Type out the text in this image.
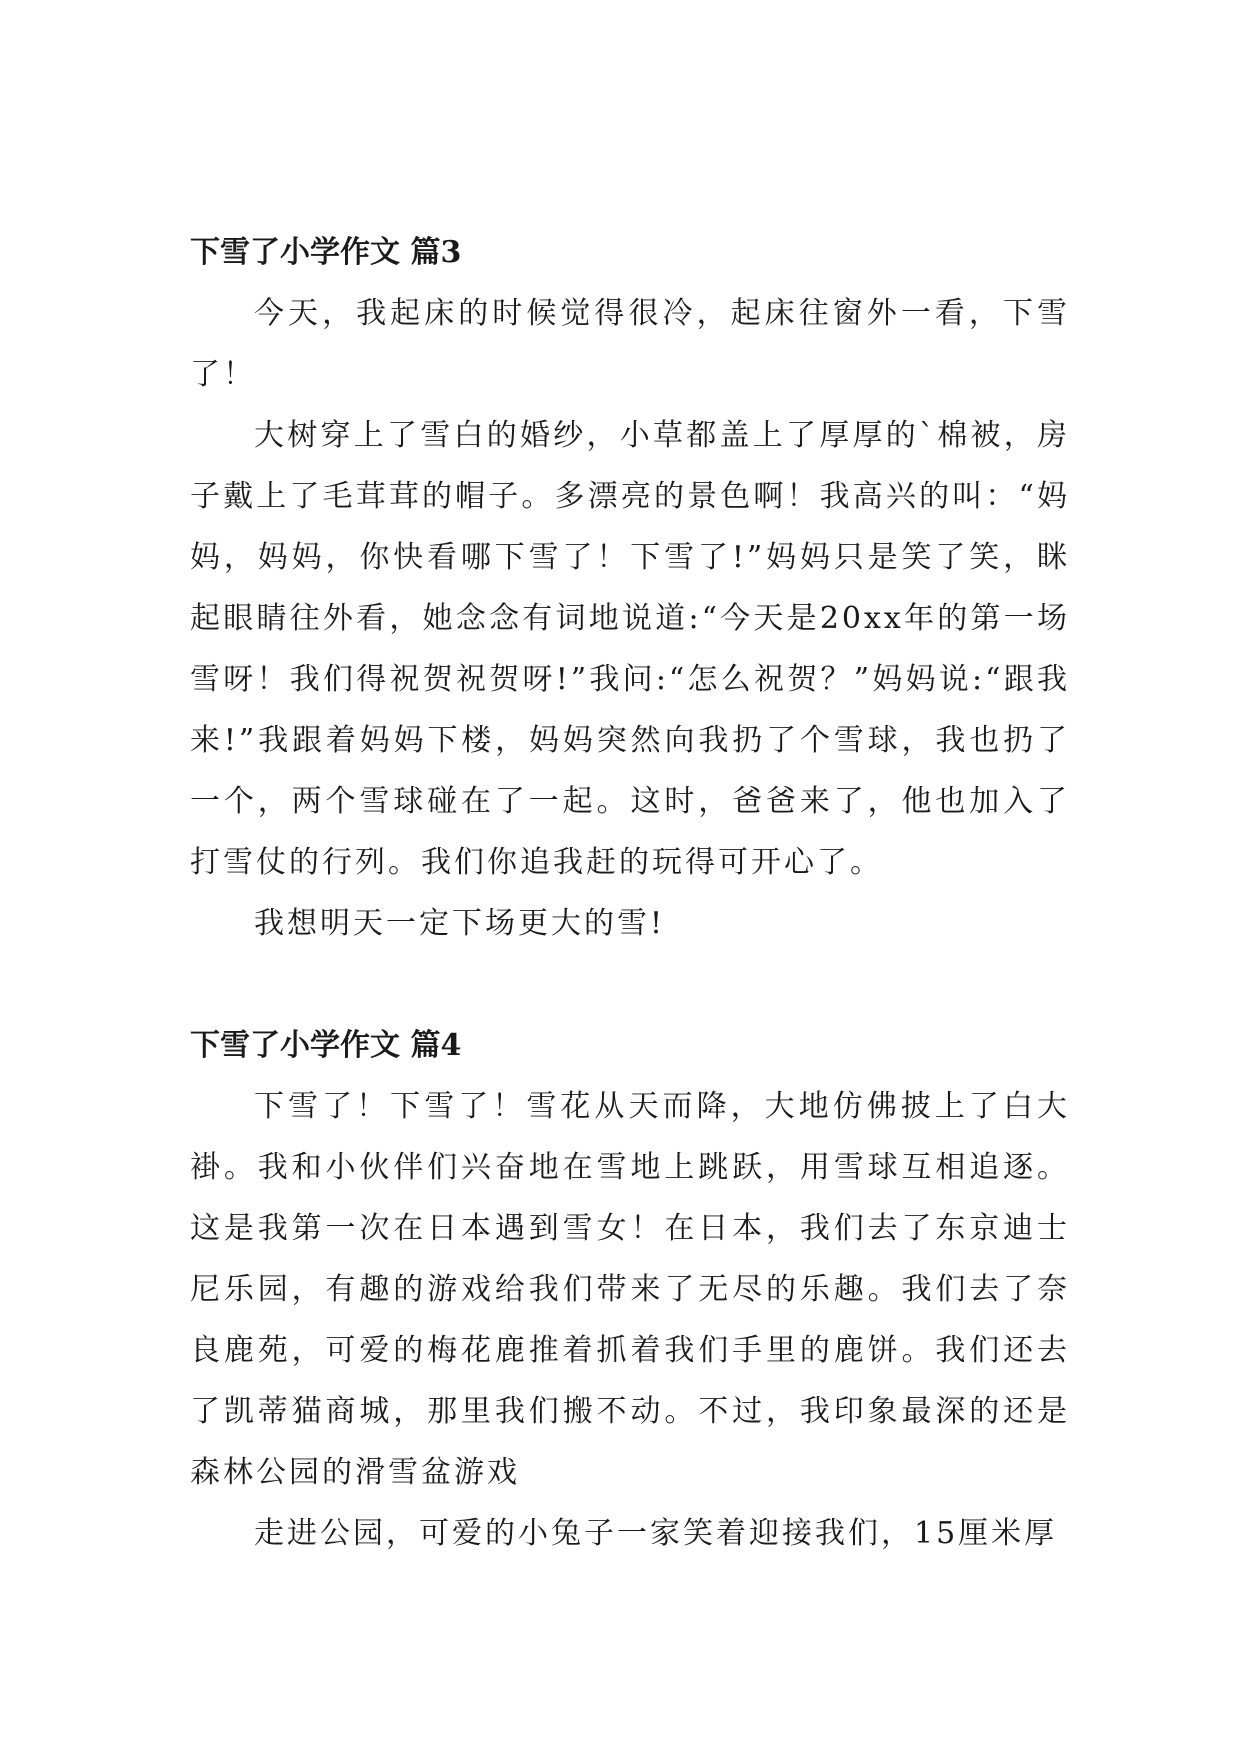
下雪了小学作文 篇3

今天，我起床的时候觉得很冷，起床往窗外一看，下雪了！

大树穿上了雪白的婚纱，小草都盖上了厚厚的`棉被，房子戴上了毛茸茸的帽子。多漂亮的景色啊！我高兴的叫：“妈妈，妈妈，你快看哪下雪了！下雪了!”妈妈只是笑了笑，眯起眼睛往外看，她念念有词地说道:“今天是20xx年的第一场雪呀！我们得祝贺祝贺呀!”我问:“怎么祝贺？”妈妈说:“跟我来!”我跟着妈妈下楼，妈妈突然向我扔了个雪球，我也扔了一个，两个雪球碰在了一起。这时，爸爸来了，他也加入了打雪仗的行列。我们你追我赶的玩得可开心了。

我想明天一定下场更大的雪!

下雪了小学作文 篇4

下雪了！下雪了！雪花从天而降，大地仿佛披上了白大褂。我和小伙伴们兴奋地在雪地上跳跃，用雪球互相追逐。这是我第一次在日本遇到雪女！在日本，我们去了东京迪士尼乐园，有趣的游戏给我们带来了无尽的乐趣。我们去了奈良鹿苑，可爱的梅花鹿推着抓着我们手里的鹿饼。我们还去了凯蒂猫商城，那里我们搬不动。不过，我印象最深的还是森林公园的滑雪盆游戏

走进公园，可爱的小兔子一家笑着迎接我们，15厘米厚
